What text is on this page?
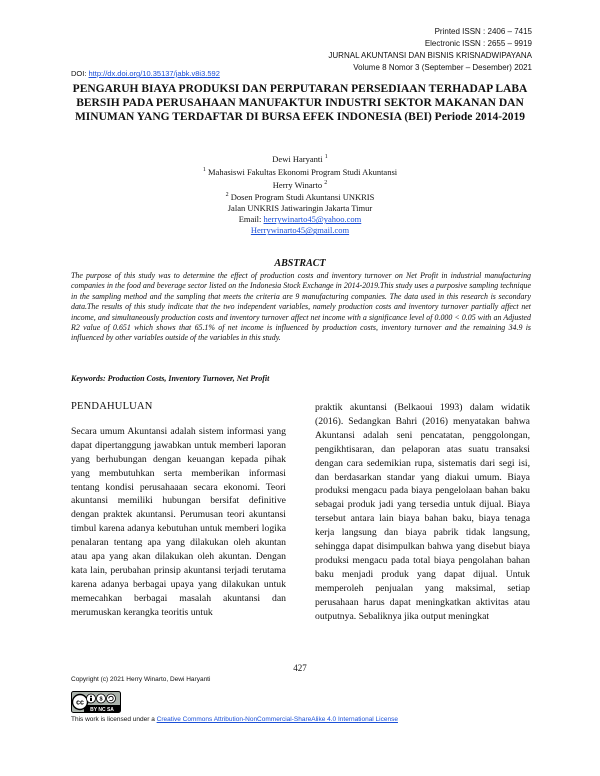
Printed ISSN : 2406 – 7415
Electronic ISSN : 2655 – 9919
JURNAL AKUNTANSI DAN BISNIS KRISNADWIPAYANA
Volume 8 Nomor 3 (September – Desember) 2021
DOI: http://dx.doi.org/10.35137/jabk.v8i3.592
PENGARUH BIAYA PRODUKSI DAN PERPUTARAN PERSEDIAAN TERHADAP LABA BERSIH PADA PERUSAHAAN MANUFAKTUR INDUSTRI SEKTOR MAKANAN DAN MINUMAN YANG TERDAFTAR DI BURSA EFEK INDONESIA (BEI) Periode 2014-2019
Dewi Haryanti $^1$
$^1$ Mahasiswi Fakultas Ekonomi Program Studi Akuntansi
Herry Winarto $^2$
$^2$ Dosen Program Studi Akuntansi UNKRIS
Jalan UNKRIS Jatiwaringin Jakarta Timur
Email: herrywinarto45@yahoo.com
Herrywinarto45@gmail.com
ABSTRACT
The purpose of this study was to determine the effect of production costs and inventory turnover on Net Profit in industrial manufacturing companies in the food and beverage sector listed on the Indonesia Stock Exchange in 2014-2019.This study uses a purposive sampling technique in the sampling method and the sampling that meets the criteria are 9 manufacturing companies. The data used in this research is secondary data.The results of this study indicate that the two independent variables, namely production costs and inventory turnover partially affect net income, and simultaneously production costs and inventory turnover affect net income with a significance level of 0.000 < 0.05 with an Adjusted R2 value of 0.651 which shows that 65.1% of net income is influenced by production costs, inventory turnover and the remaining 34.9 is influenced by other variables outside of the variables in this study.
Keywords: Production Costs, Inventory Turnover, Net Profit
PENDAHULUAN

Secara umum Akuntansi adalah sistem informasi yang dapat dipertanggung jawabkan untuk memberi laporan yang berhubungan dengan keuangan kepada pihak yang membutuhkan serta memberikan informasi tentang kondisi perusahaaan secara ekonomi. Teori akuntansi memiliki hubungan bersifat definitive dengan praktek akuntansi. Perumusan teori akuntansi timbul karena adanya kebutuhan untuk memberi logika penalaran tentang apa yang dilakukan oleh akuntan atau apa yang akan dilakukan oleh akuntan. Dengan kata lain, perubahan prinsip akuntansi terjadi terutama karena adanya berbagai upaya yang dilakukan untuk memecahkan berbagai masalah akuntansi dan merumuskan kerangka teoritis untuk

praktik akuntansi (Belkaoui 1993) dalam widatik (2016). Sedangkan Bahri (2016) menyatakan bahwa Akuntansi adalah seni pencatatan, penggolongan, pengikhtisaran, dan pelaporan atas suatu transaksi dengan cara sedemikian rupa, sistematis dari segi isi, dan berdasarkan standar yang diakui umum. Biaya produksi mengacu pada biaya pengelolaan bahan baku sebagai produk jadi yang tersedia untuk dijual. Biaya tersebut antara lain biaya bahan baku, biaya tenaga kerja langsung dan biaya pabrik tidak langsung, sehingga dapat disimpulkan bahwa yang disebut biaya produksi mengacu pada total biaya pengolahan bahan baku menjadi produk yang dapat dijual. Untuk memperoleh penjualan yang maksimal, setiap perusahaan harus dapat meningkatkan aktivitas atau outputnya. Sebaliknya jika output meningkat

427
Copyright (c) 2021 Herry Winarto, Dewi Haryanti
cc	$
BY NC SA
This work is licensed under a Creative Commons Attribution-NonCommercial-ShareAlike 4.0 International License
